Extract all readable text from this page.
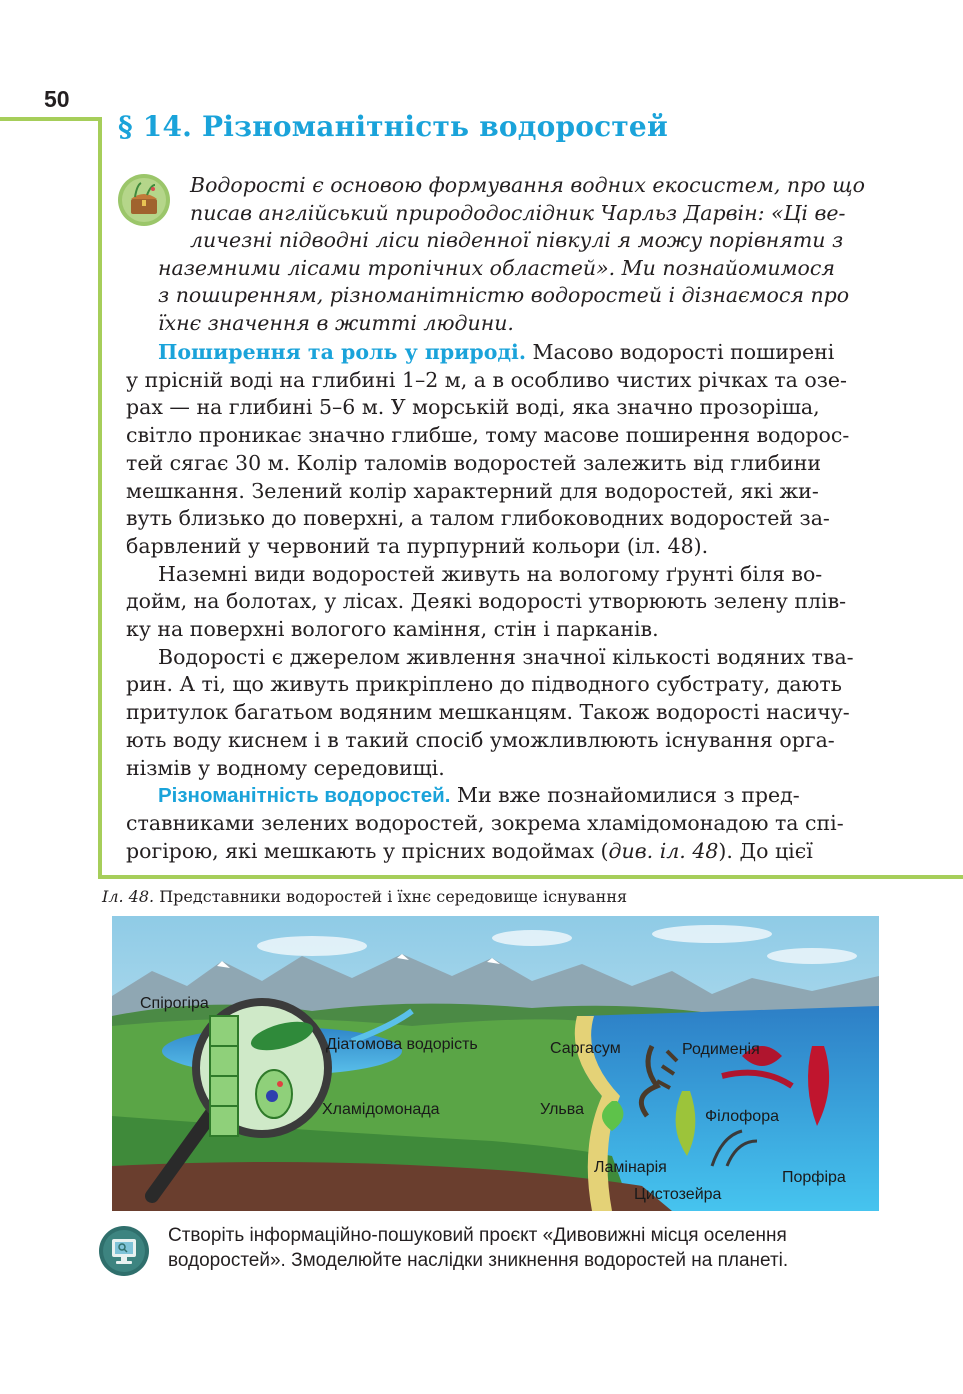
50
§ 14. Різноманітність водоростей
Водорості є основою формування водних екосистем, про що
писав англійський природодослідник Чарльз Дарвін: «Ці ве-
личезні підводні ліси південної півкулі я можу порівняти з
наземними лісами тропічних областей». Ми познайомимося
з поширенням, різноманітністю водоростей і дізнаємося про
їхнє значення в житті людини.
Поширення та роль у природі. Масово водорості поширені
у прісній воді на глибині 1–2 м, а в особливо чистих річках та озе-
рах — на глибині 5–6 м. У морській воді, яка значно прозоріша,
світло проникає значно глибше, тому масове поширення водорос-
тей сягає 30 м. Колір таломів водоростей залежить від глибини
мешкання. Зелений колір характерний для водоростей, які жи-
вуть близько до поверхні, а талом глибоководних водоростей за-
барвлений у червоний та пурпурний кольори (іл. 48).
Наземні види водоростей живуть на вологому ґрунті біля во-
дойм, на болотах, у лісах. Деякі водорості утворюють зелену плів-
ку на поверхні вологого каміння, стін і парканів.
Водорості є джерелом живлення значної кількості водяних тва-
рин. А ті, що живуть прикріплено до підводного субстрату, дають
притулок багатьом водяним мешканцям. Також водорості насичу-
ють воду киснем і в такий спосіб уможливлюють існування орга-
нізмів у водному середовищі.
Різноманітність водоростей. Ми вже познайомилися з пред-
ставниками зелених водоростей, зокрема хламідомонадою та спі-
рогірою, які мешкають у прісних водоймах (див. іл. 48). До цієї
Іл. 48. Представники водоростей і їхнє середовище існування
Спірогіра
Діатомова водорість
Хламідомонада
Саргасум	Родименія
Ульва	Філофора
Ламінарія
Цистозейра
Порфіра
Створіть інформаційно-пошуковий проєкт «Дивовижні місця оселення
водоростей». Змоделюйте наслідки зникнення водоростей на планеті.
